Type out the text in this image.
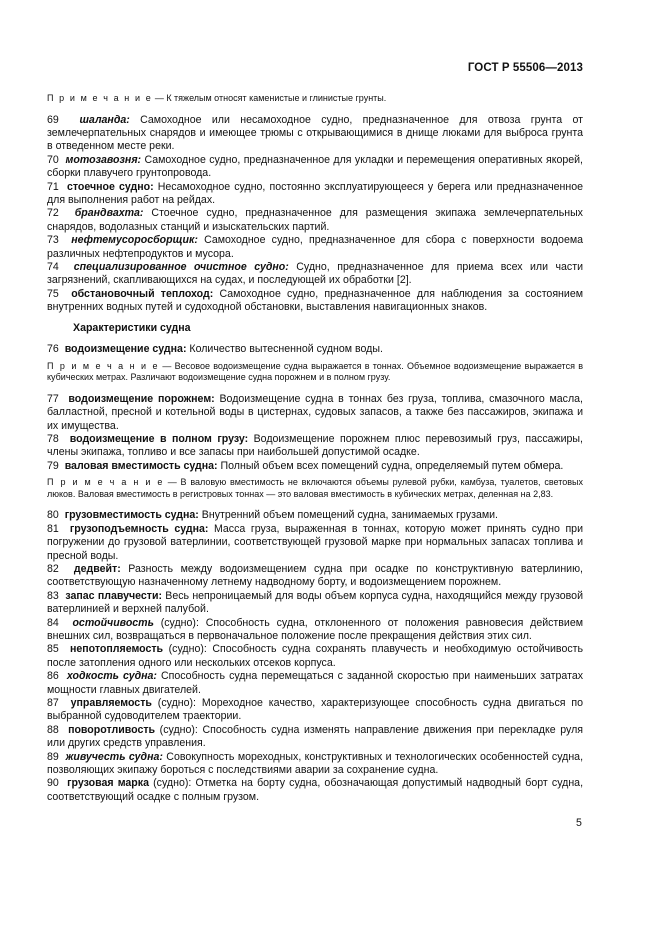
ГОСТ Р 55506—2013

П р и м е ч а н и е — К тяжелым относят каменистые и глинистые грунты.

69 шаланда: Самоходное или несамоходное судно, предназначенное для отвоза грунта от землечерпательных снарядов и имеющее трюмы с открывающимися в днище люками для выброса грунта в отведенном месте реки.

70 мотозавозня: Самоходное судно, предназначенное для укладки и перемещения оперативных якорей, сборки плавучего грунтопровода.

71 стоечное судно: Несамоходное судно, постоянно эксплуатирующееся у берега или предназначенное для выполнения работ на рейдах.

72 брандвахта: Стоечное судно, предназначенное для размещения экипажа землечерпательных снарядов, водолазных станций и изыскательских партий.

73 нефтемусоросборщик: Самоходное судно, предназначенное для сбора с поверхности водоема различных нефтепродуктов и мусора.

74 специализированное очистное судно: Судно, предназначенное для приема всех или части загрязнений, скапливающихся на судах, и последующей их обработки [2].

75 обстановочный теплоход: Самоходное судно, предназначенное для наблюдения за состоянием внутренних водных путей и судоходной обстановки, выставления навигационных знаков.

Характеристики судна

76 водоизмещение судна: Количество вытесненной судном воды.

П р и м е ч а н и е — Весовое водоизмещение судна выражается в тоннах. Объемное водоизмещение выражается в кубических метрах. Различают водоизмещение судна порожнем и в полном грузу.

77 водоизмещение порожнем: Водоизмещение судна в тоннах без груза, топлива, смазочного масла, балластной, пресной и котельной воды в цистернах, судовых запасов, а также без пассажиров, экипажа и их имущества.

78 водоизмещение в полном грузу: Водоизмещение порожнем плюс перевозимый груз, пассажиры, члены экипажа, топливо и все запасы при наибольшей допустимой осадке.

79 валовая вместимость судна: Полный объем всех помещений судна, определяемый путем обмера.

П р и м е ч а н и е — В валовую вместимость не включаются объемы рулевой рубки, камбуза, туалетов, световых люков. Валовая вместимость в регистровых тоннах — это валовая вместимость в кубических метрах, деленная на 2,83.

80 грузовместимость судна: Внутренний объем помещений судна, занимаемых грузами.

81 грузоподъемность судна: Масса груза, выраженная в тоннах, которую может принять судно при погружении до грузовой ватерлинии, соответствующей грузовой марке при нормальных запасах топлива и пресной воды.

82 дедвейт: Разность между водоизмещением судна при осадке по конструктивную ватерлинию, соответствующую назначенному летнему надводному борту, и водоизмещением порожнем.

83 запас плавучести: Весь непроницаемый для воды объем корпуса судна, находящийся между грузовой ватерлинией и верхней палубой.

84 остойчивость (судно): Способность судна, отклоненного от положения равновесия действием внешних сил, возвращаться в первоначальное положение после прекращения действия этих сил.

85 непотопляемость (судно): Способность судна сохранять плавучесть и необходимую остойчивость после затопления одного или нескольких отсеков корпуса.

86 ходкость судна: Способность судна перемещаться с заданной скоростью при наименьших затратах мощности главных двигателей.

87 управляемость (судно): Мореходное качество, характеризующее способность судна двигаться по выбранной судоводителем траектории.

88 поворотливость (судно): Способность судна изменять направление движения при перекладке руля или других средств управления.

89 живучесть судна: Совокупность мореходных, конструктивных и технологических особенностей судна, позволяющих экипажу бороться с последствиями аварии за сохранение судна.

90 грузовая марка (судно): Отметка на борту судна, обозначающая допустимый надводный борт судна, соответствующий осадке с полным грузом.

5
